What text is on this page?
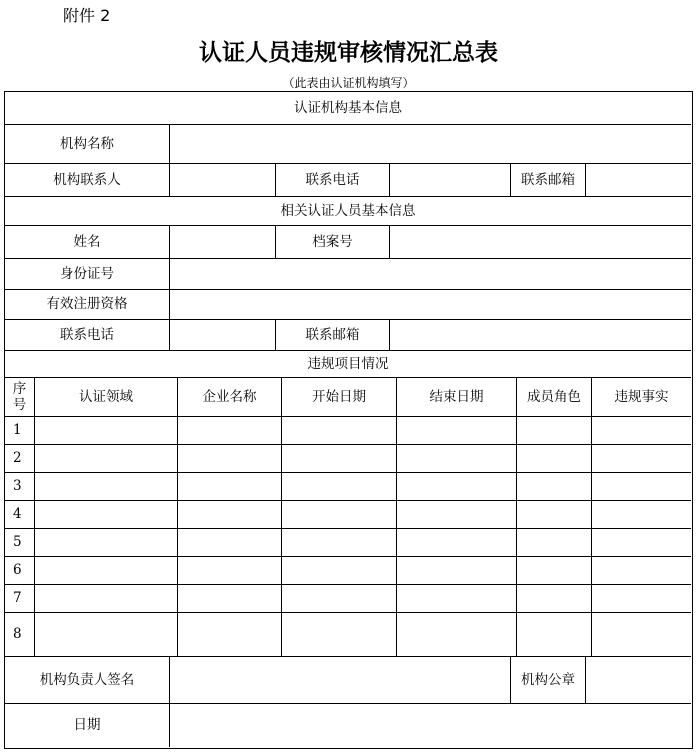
附件 2
认证人员违规审核情况汇总表
（此表由认证机构填写）
认证机构基本信息
机构名称
机构联系人	联系电话	联系邮箱
相关认证人员基本信息
姓名	档案号
身份证号
有效注册资格
联系电话	联系邮箱
违规项目情况
序
号
认证领域	企业名称	开始日期	结束日期	成员角色	违规事实
1
2
3
4
5
6
7
8
机构负责人签名	机构公章
日期
